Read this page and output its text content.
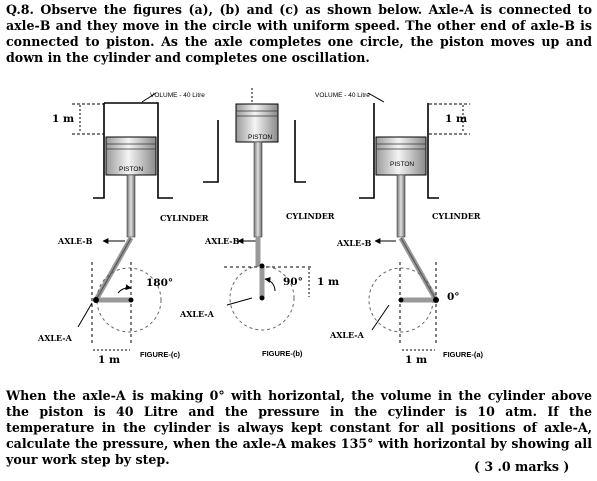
Q.8. Observe the figures (a), (b) and (c) as shown below. Axle-A is connected to axle-B and they move in the circle with uniform speed. The other end of axle-B is connected to piston. As the axle completes one circle, the piston moves up and down in the cylinder and completes one oscillation.
VOLUME - 40 Litre
1 m
PISTON
CYLINDER
AXLE-B
180°
AXLE-A
1 m	FIGURE-(c)
PISTON
CYLINDER
AXLE-B
90° 1 m
AXLE-A
FIGURE-(b)
VOLUME - 40 Litre
1 m
PISTON
CYLINDER
AXLE-B
0°
AXLE-A
1 m FIGURE-(a)
When the axle-A is making 0° with horizontal, the volume in the cylinder above the piston is 40 Litre and the pressure in the cylinder is 10 atm. If the temperature in the cylinder is always kept constant for all positions of axle-A, calculate the pressure, when the axle-A makes 135° with horizontal by showing all your work step by step.	( 3 .0 marks )
